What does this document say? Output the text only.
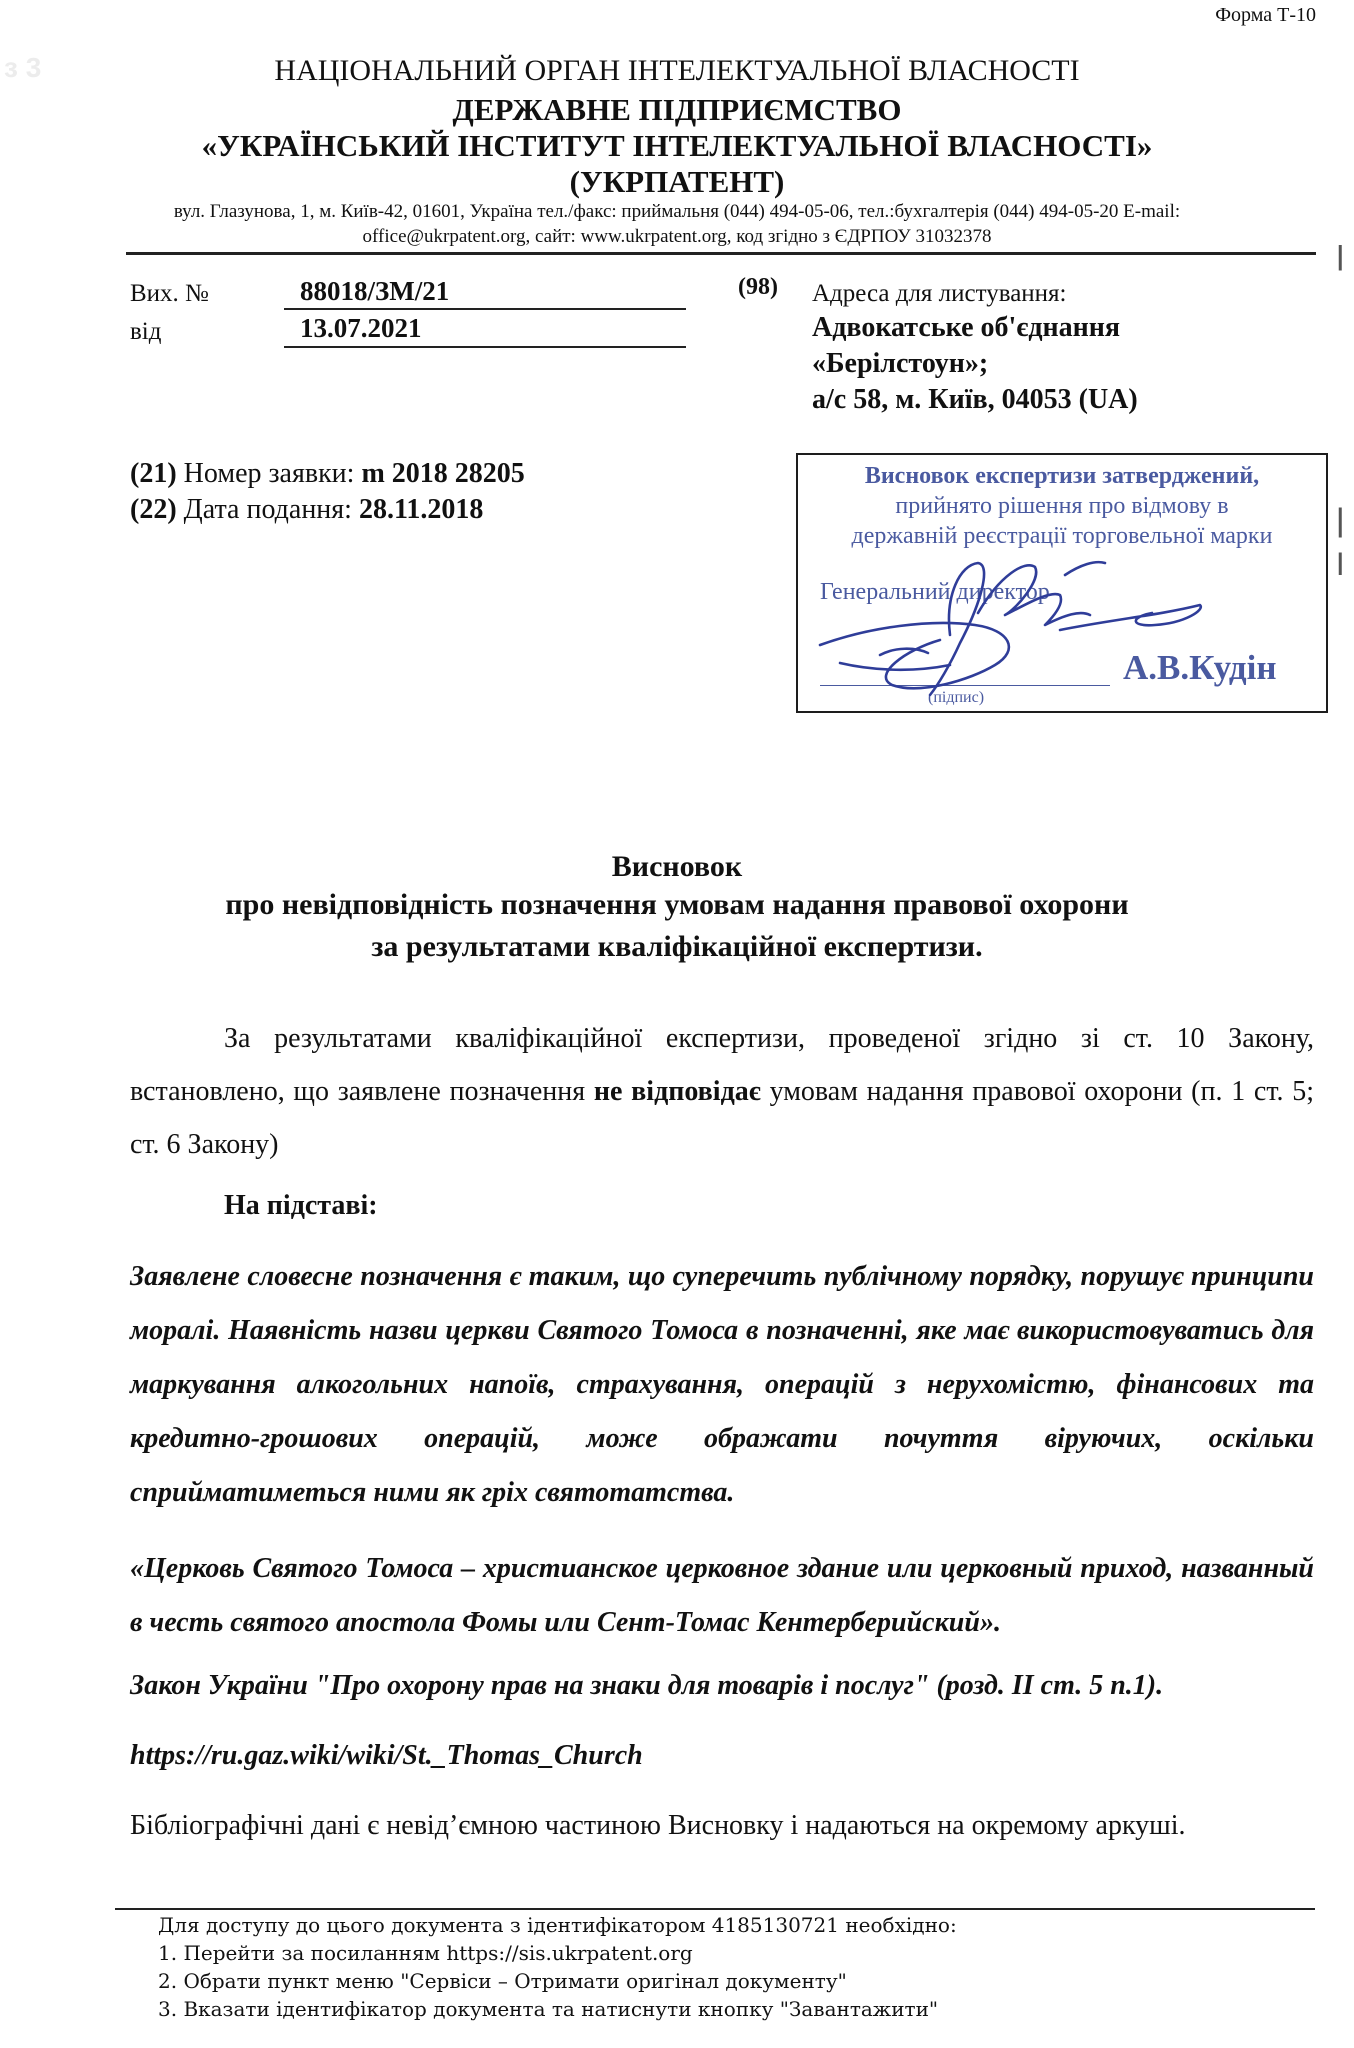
Форма Т-10
з 3	НАЦІОНАЛЬНИЙ ОРГАН ІНТЕЛЕКТУАЛЬНОЇ ВЛАСНОСТІ
ДЕРЖАВНЕ ПІДПРИЄМСТВО
«УКРАЇНСЬКИЙ ІНСТИТУТ ІНТЕЛЕКТУАЛЬНОЇ ВЛАСНОСТІ»
(УКРПАТЕНТ)
вул. Глазунова, 1, м. Київ-42, 01601, Україна тел./факс: приймальня (044) 494-05-06, тел.:бухгалтерія (044) 494-05-20 E-mail:
office@ukrpatent.org, сайт: www.ukrpatent.org, код згідно з ЄДРПОУ 31032378
Вих. №	88018/ЗМ/21
від	13.07.2021
(98) Адреса для листування:
Адвокатське об'єднання
«Берілстоун»;
а/с 58, м. Київ, 04053 (UA)
(21) Номер заявки: m 2018 28205
(22) Дата подання: 28.11.2018
Висновок експертизи затверджений,
прийнято рішення про відмову в
державній реєстрації торговельної марки
Генеральний директор
(підпис)
А.В.Кудін
Висновок
про невідповідність позначення умовам надання правової охорони
за результатами кваліфікаційної експертизи.
За результатами кваліфікаційної експертизи, проведеної згідно зі ст. 10 Закону, встановлено, що заявлене позначення не відповідає умовам надання правової охорони (п. 1 ст. 5; ст. 6 Закону)
На підставі:
Заявлене словесне позначення є таким, що суперечить публічному порядку, порушує принципи моралі. Наявність назви церкви Святого Томоса в позначенні, яке має використовуватись для маркування алкогольних напоїв, страхування, операцій з нерухомістю, фінансових та кредитно-грошових операцій, може ображати почуття віруючих, оскільки сприйматиметься ними як гріх святотатства.
«Церковь Святого Томоса – христианское церковное здание или церковный приход, названный в честь святого апостола Фомы или Сент-Томас Кентерберийский».
Закон України "Про охорону прав на знаки для товарів і послуг" (розд. ІІ ст. 5 п.1).
https://ru.gaz.wiki/wiki/St._Thomas_Church
Бібліографічні дані є невід’ємною частиною Висновку і надаються на окремому аркуші.
Для доступу до цього документа з ідентифікатором 4185130721 необхідно:
1. Перейти за посиланням https://sis.ukrpatent.org
2. Обрати пункт меню "Сервіси – Отримати оригінал документу"
3. Вказати ідентифікатор документа та натиснути кнопку "Завантажити"
